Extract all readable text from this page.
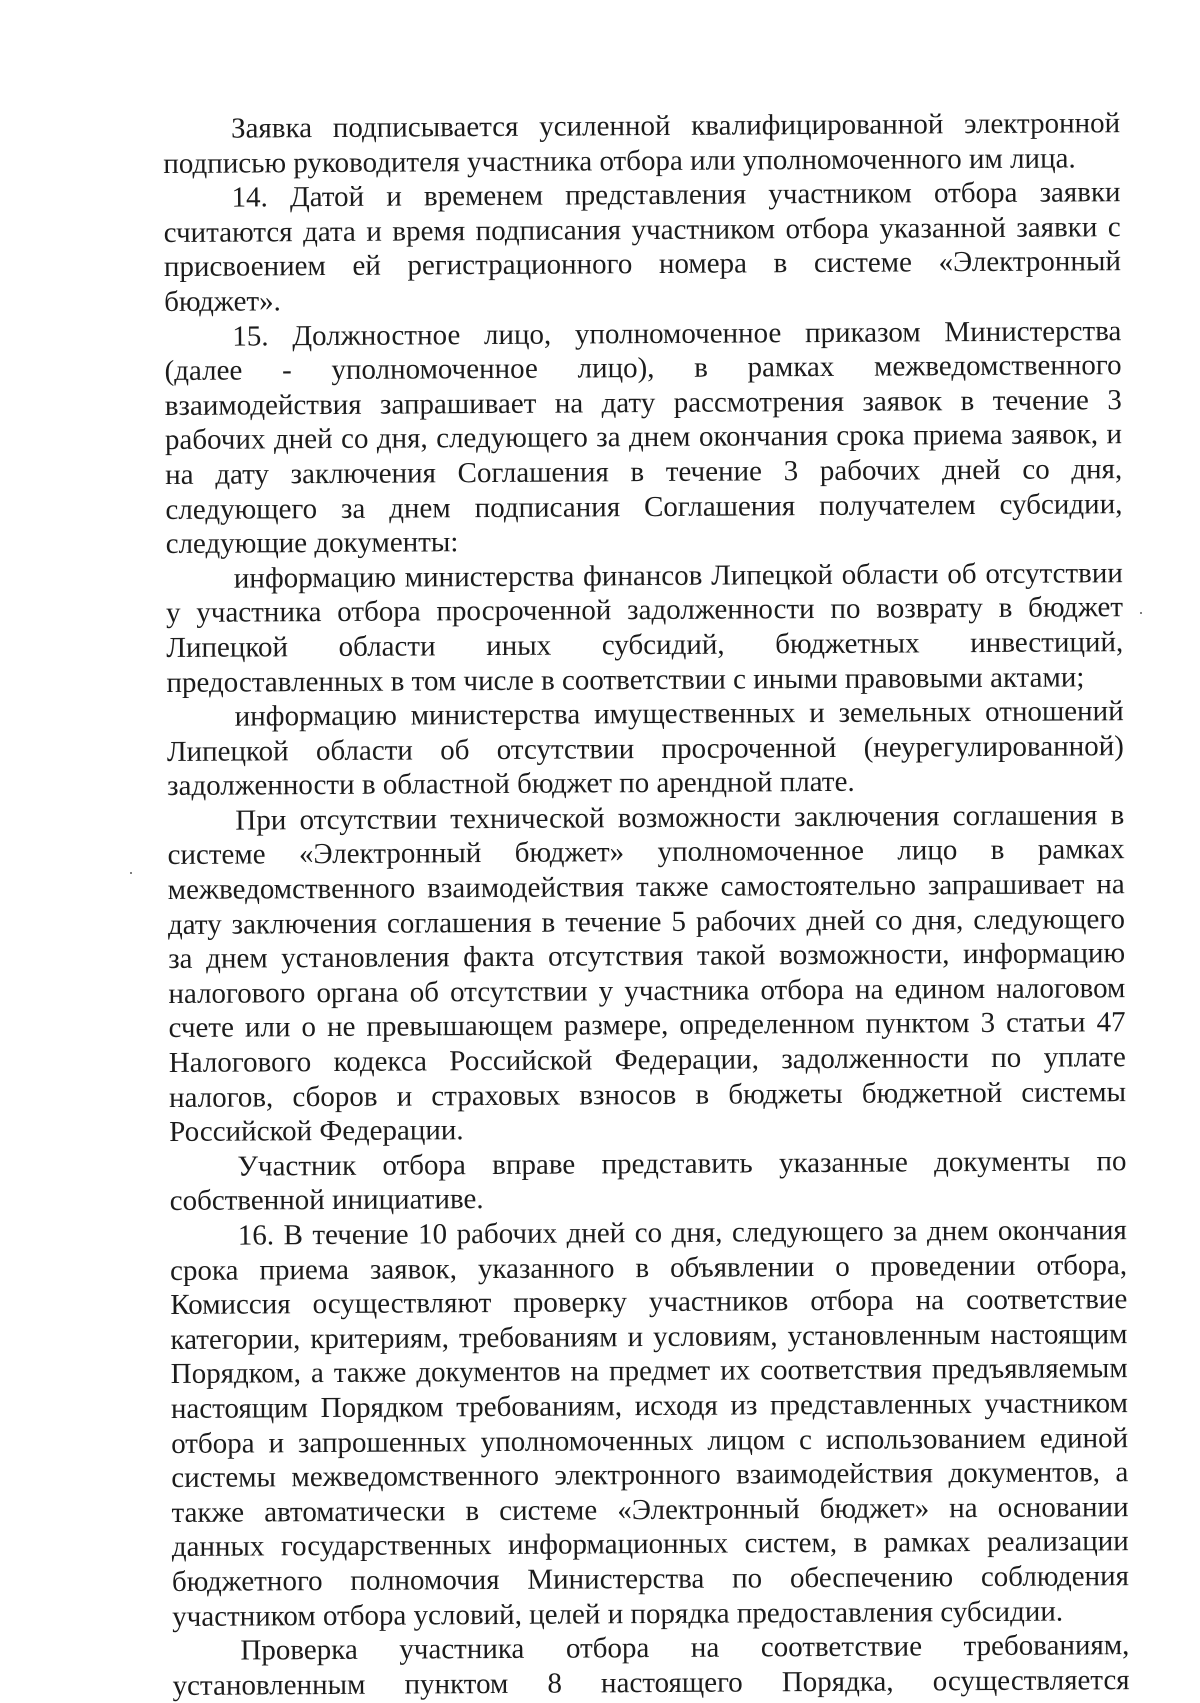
Заявка подписывается усиленной квалифицированной электронной подписью руководителя участника отбора или уполномоченного им лица.

14. Датой и временем представления участником отбора заявки считаются дата и время подписания участником отбора указанной заявки с присвоением ей регистрационного номера в системе «Электронный бюджет».

15. Должностное лицо, уполномоченное приказом Министерства (далее - уполномоченное лицо), в рамках межведомственного взаимодействия запрашивает на дату рассмотрения заявок в течение 3 рабочих дней со дня, следующего за днем окончания срока приема заявок, и на дату заключения Соглашения в течение 3 рабочих дней со дня, следующего за днем подписания Соглашения получателем субсидии, следующие документы:

информацию министерства финансов Липецкой области об отсутствии у участника отбора просроченной задолженности по возврату в бюджет Липецкой области иных субсидий, бюджетных инвестиций, предоставленных в том числе в соответствии с иными правовыми актами;

информацию министерства имущественных и земельных отношений Липецкой области об отсутствии просроченной (неурегулированной) задолженности в областной бюджет по арендной плате.

При отсутствии технической возможности заключения соглашения в системе «Электронный бюджет» уполномоченное лицо в рамках межведомственного взаимодействия также самостоятельно запрашивает на дату заключения соглашения в течение 5 рабочих дней со дня, следующего за днем установления факта отсутствия такой возможности, информацию налогового органа об отсутствии у участника отбора на едином налоговом счете или о не превышающем размере, определенном пунктом 3 статьи 47 Налогового кодекса Российской Федерации, задолженности по уплате налогов, сборов и страховых взносов в бюджеты бюджетной системы Российской Федерации.

Участник отбора вправе представить указанные документы по собственной инициативе.

16. В течение 10 рабочих дней со дня, следующего за днем окончания срока приема заявок, указанного в объявлении о проведении отбора, Комиссия осуществляют проверку участников отбора на соответствие категории, критериям, требованиям и условиям, установленным настоящим Порядком, а также документов на предмет их соответствия предъявляемым настоящим Порядком требованиям, исходя из представленных участником отбора и запрошенных уполномоченных лицом с использованием единой системы межведомственного электронного взаимодействия документов, а также автоматически в системе «Электронный бюджет» на основании данных государственных информационных систем, в рамках реализации бюджетного полномочия Министерства по обеспечению соблюдения участником отбора условий, целей и порядка предоставления субсидии.

Проверка участника отбора на соответствие требованиям, установленным пунктом 8 настоящего Порядка, осуществляется
